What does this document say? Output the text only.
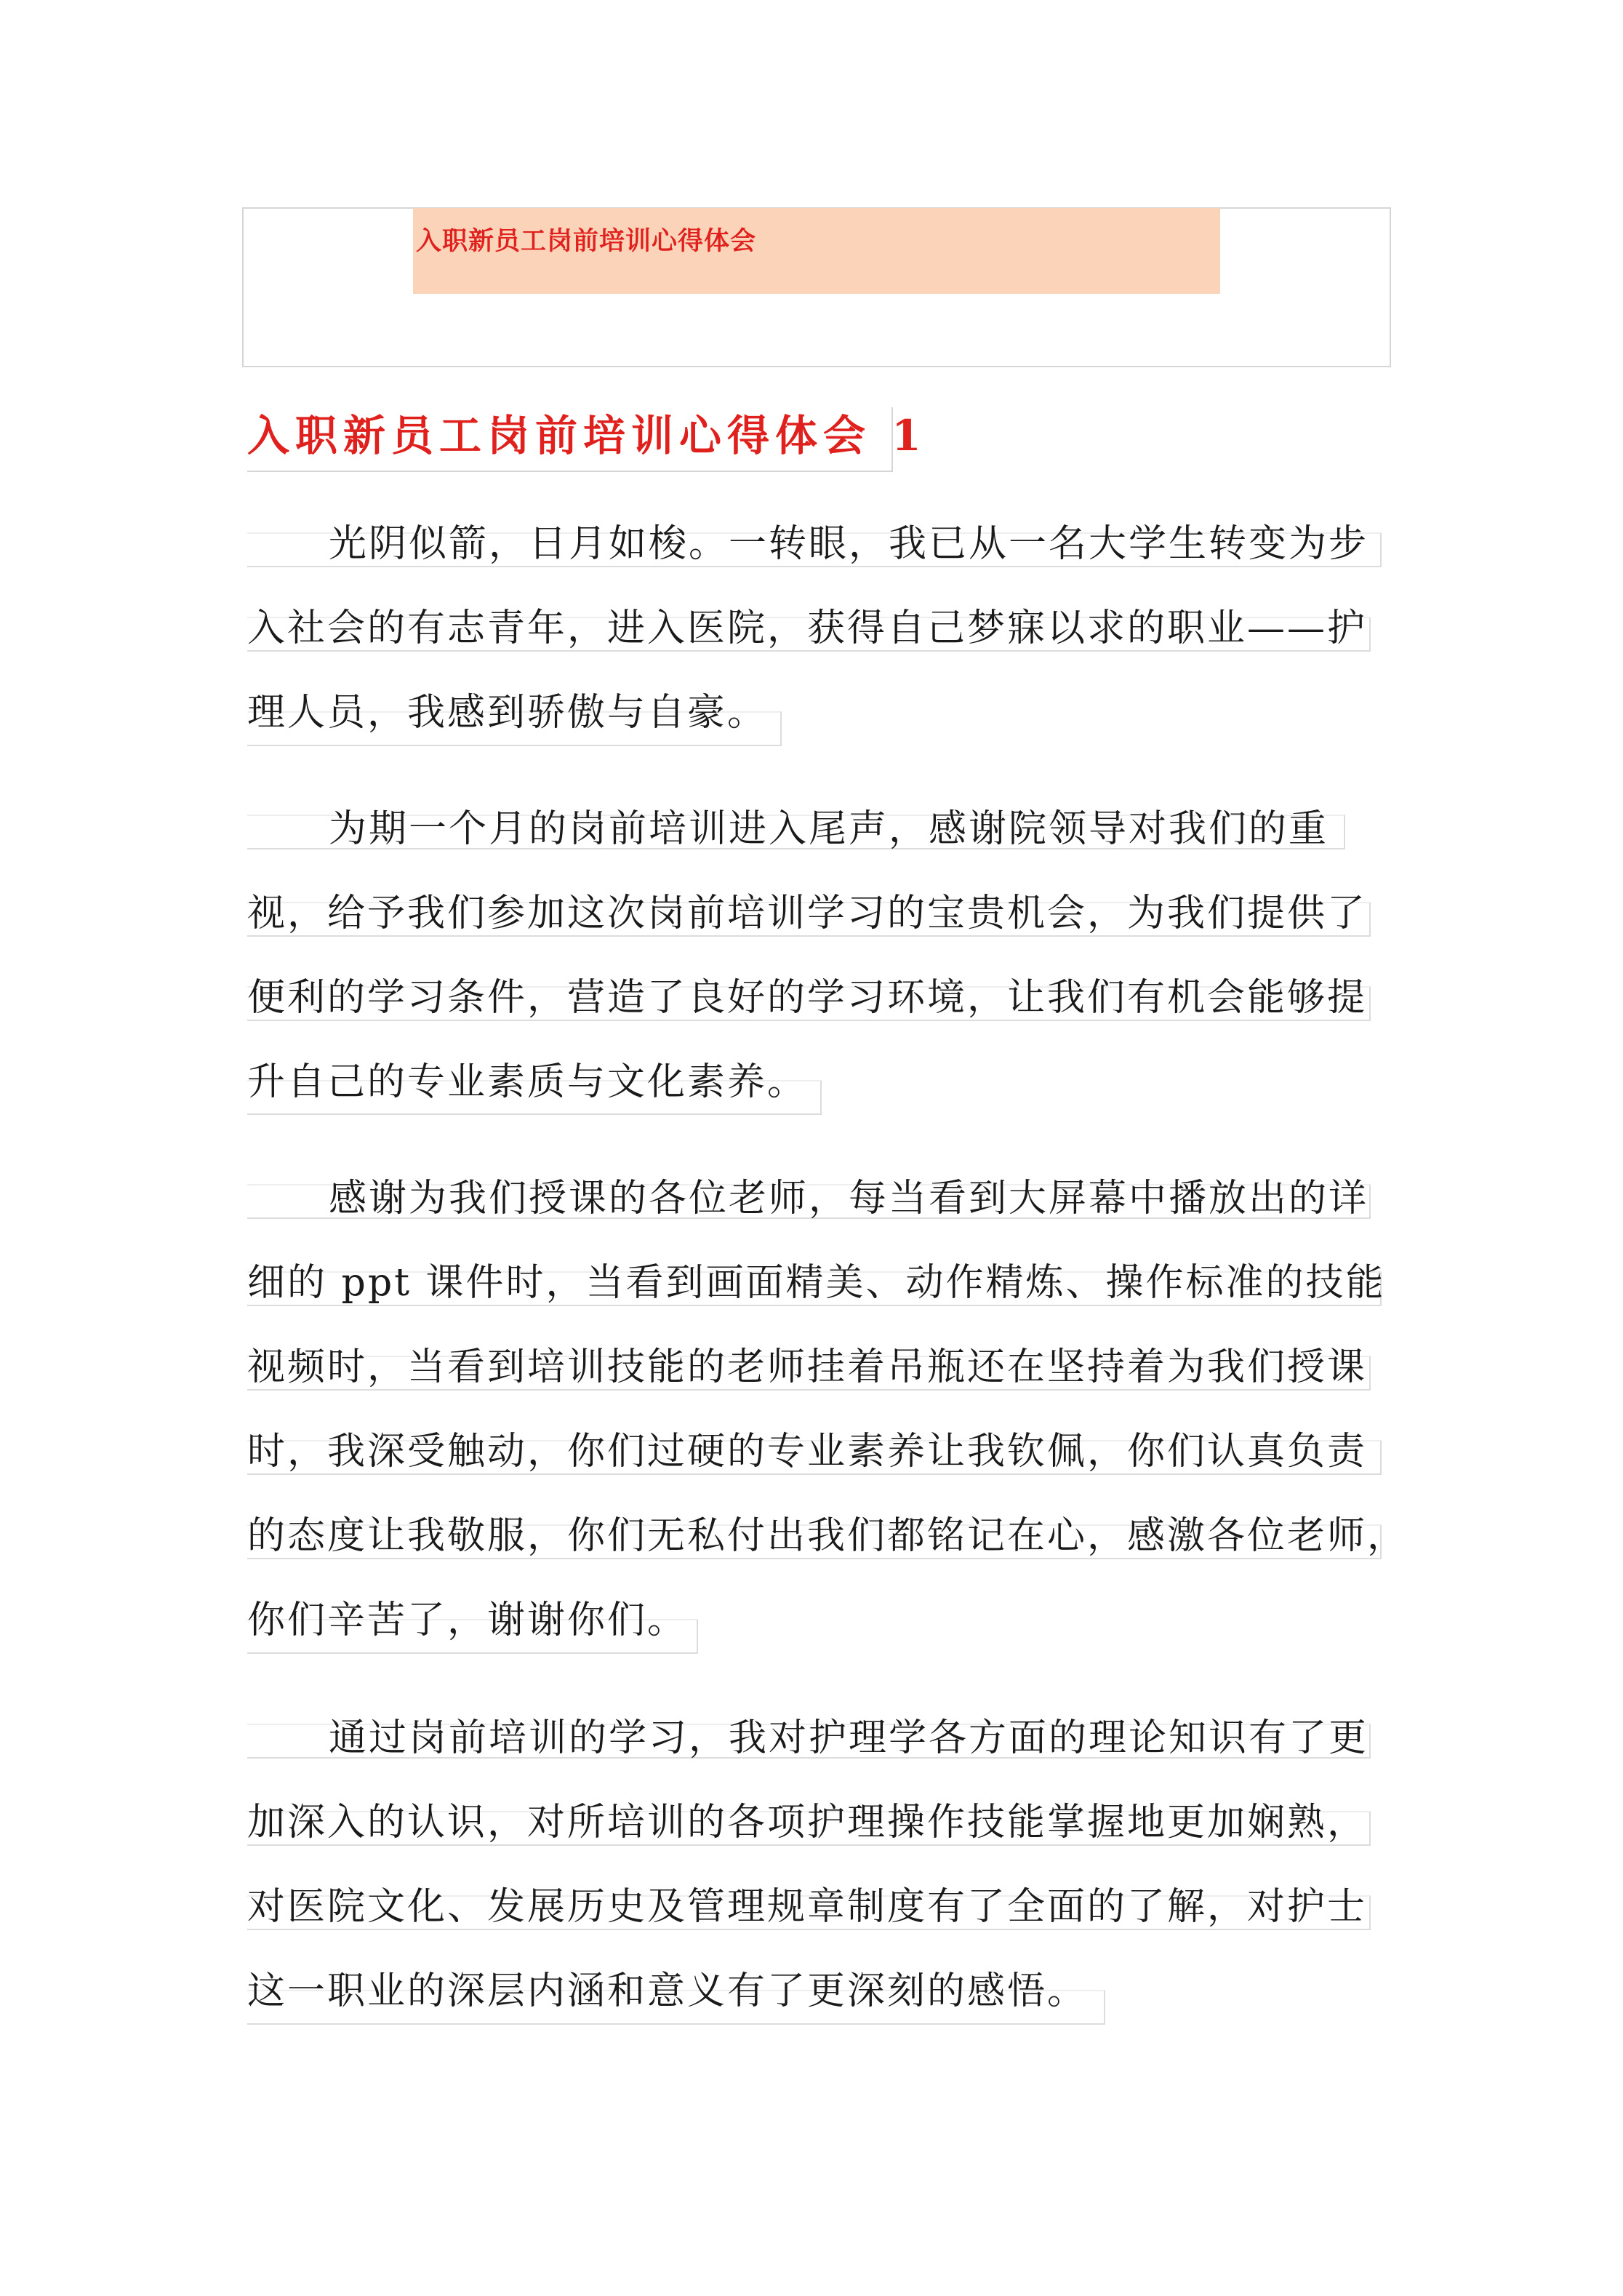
入职新员工岗前培训心得体会
入职新员工岗前培训心得体会 1
光阴似箭，日月如梭。一转眼，我已从一名大学生转变为步
入社会的有志青年，进入医院，获得自己梦寐以求的职业——护
理人员，我感到骄傲与自豪。
为期一个月的岗前培训进入尾声，感谢院领导对我们的重
视，给予我们参加这次岗前培训学习的宝贵机会，为我们提供了
便利的学习条件，营造了良好的学习环境，让我们有机会能够提
升自己的专业素质与文化素养。
感谢为我们授课的各位老师，每当看到大屏幕中播放出的详
细的 ppt 课件时，当看到画面精美、动作精炼、操作标准的技能
视频时，当看到培训技能的老师挂着吊瓶还在坚持着为我们授课
时，我深受触动，你们过硬的专业素养让我钦佩，你们认真负责
的态度让我敬服，你们无私付出我们都铭记在心，感激各位老师，
你们辛苦了，谢谢你们。
通过岗前培训的学习，我对护理学各方面的理论知识有了更
加深入的认识，对所培训的各项护理操作技能掌握地更加娴熟，
对医院文化、发展历史及管理规章制度有了全面的了解，对护士
这一职业的深层内涵和意义有了更深刻的感悟。
